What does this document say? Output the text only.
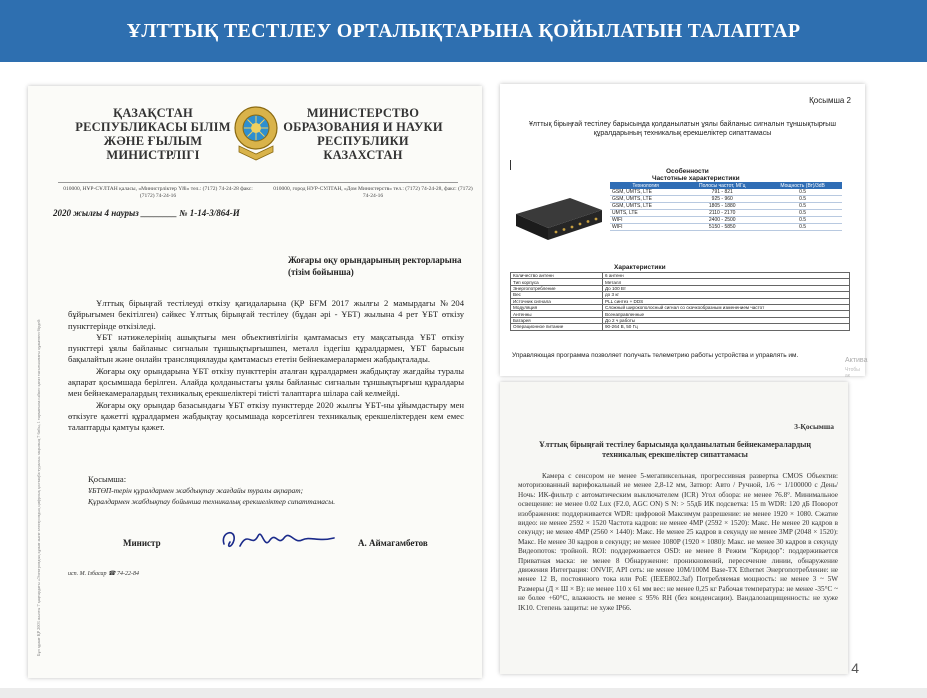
ҰЛТТЫҚ ТЕСТІЛЕУ ОРТАЛЫҚТАРЫНА ҚОЙЫЛАТЫН ТАЛАПТАР
Бұл құжат ҚР 2003 жылғы 7 қаңтардағы «Электрондық құжат және электрондық цифрлық қолтаңба туралы» заңының 7 бабы, 1 тармағына сәйкес қағаз тасығыштағы құжатпен бірдей
ҚАЗАҚСТАН РЕСПУБЛИКАСЫ БІЛІМ ЖӘНЕ ҒЫЛЫМ МИНИСТРЛІГІ
МИНИСТЕРСТВО ОБРАЗОВАНИЯ И НАУКИ РЕСПУБЛИКИ КАЗАХСТАН
010000, НҰР-СҰЛТАН қаласы, «Министрліктер Үйі» тел.: (7172) 74-24-28 факс: (7172) 74-24-16
010000, город НУР-СУЛТАН, «Дом Министерств» тел.: (7172) 74-24-28, факс: (7172) 74-24-16
2020 жылғы 4 наурыз ________ № 1-14-3/864-И
Жоғары оқу орындарының ректорларына (тізім бойынша)

Ұлттық бірыңғай тестілеуді өткізу қағидаларына (ҚР БҒМ 2017 жылғы 2 мамырдағы №204 бұйрығымен бекітілген) сәйкес Ұлттық бірыңғай тестілеу (бұдан әрі - ҰБТ) жылына 4 рет ҰБТ өткізу пункттерінде өткізіледі.

ҰБТ нәтижелерінің ашықтығы мен объективтілігін қамтамасыз ету мақсатында ҰБТ өткізу пункттері ұялы байланыс сигналын тұншықтырғышпен, металл іздегіш құралдармен, ҰБТ барысын бақылайтын және онлайн трансляциялауды қамтамасыз ететін бейнекамералармен жабдықталады.

Жоғары оқу орындарына ҰБТ өткізу пункттерін аталған құралдармен жабдықтау жағдайы туралы ақпарат қосымшада берілген. Алайда қолданыстағы ұялы байланыс сигналын тұншықтырғыш құралдары мен бейнекамералардың техникалық ерекшеліктері тиісті талаптарға шілара сай келмейді.

Жоғары оқу орындар базасындағы ҰБТ өткізу пункттерде 2020 жылғы ҰБТ-ны ұйымдастыру мен өткізуге қажетті құралдармен жабдықтау қосымшада көрсетілген техникалық ерекшеліктерден кем емес талаптарды қамтуы қажет.

Қосымша:
ҰБТӨП-терін құралдармен жабдықтау жағдайы туралы ақпарат;
Құралдармен жабдықтау бойынша техникалық ерекшеліктер сипаттамасы.
Министр	А. Аймагамбетов
исп. М. Ізбасар ☎ 74-22-84
Қосымша 2
Ұлттық бірыңғай тестілеу барысында қолданылатын ұялы байланыс сигналын тұншықтырғыш құралдарының техникалық ерекшеліктер сипаттамасы
Особенности
Частотные характеристики
Технология	Полосы частот, МГц	Мощность (Вт)/3dB
GSM, UMTS, LTE	791 - 821	0.5
GSM, UMTS, LTE	925 - 960	0.5
GSM, UMTS, LTE	1805 - 1880	0.5
UMTS, LTE	2110 - 2170	0.5
WIFI	2400 - 2500	0.5
WIFI	5150 - 5850	0.5
Характеристики
Количество антенн	6 антенн
Тип корпуса	Металл
Энергопотребление	До 100 Вт
Вес	до 3 кг
Источник сигнала	PLL синтез + DDS
Модуляция	Сложный широкополосный сигнал со скачкообразным изменением частот
Антенны	Всенаправленные
Батарея	До 2 ч работы
Операционное питание	90-264 В, 50 Гц
Управляющая программа позволяет получать телеметрию работы устройства и управлять им.
Актива
Чтобы ак
3-Қосымша
Ұлттық бірыңғай тестілеу барысында қолданылатын бейнекамералардың техникалық ерекшеліктер сипаттамасы
Камера с сенсором не менее 5-мегапиксельная, прогрессивная развертка CMOS Объектив: моторизованный варифокальный не менее 2,8-12 мм, Затвор: Авто / Ручной, 1/6 ~ 1/100000 с День/Ночь: ИК-фильтр с автоматическим выключателем (ICR) Угол обзора: не менее 76.8°. Минимальное освещение: не менее 0.02 Lux (F2.0, AGC ON) S N: > 55дБ ИК подсветка: 15 m WDR: 120 дБ Поворот изображения: поддерживается WDR: цифровой Максимум разрешение: не менее 1920 × 1080. Сжатие видео: не менее 2592 × 1520 Частота кадров: не менее 4MP (2592 × 1520): Макс. Не менее 20 кадров в секунду; не менее 4MP (2560 × 1440): Макс. Не менее 25 кадров в секунду не менее 3MP (2048 × 1520): Макс. Не менее 30 кадров в секунду; не менее 1080P (1920 × 1080): Макс. не менее 30 кадров в секунду Видеопоток: тройной. ROI: поддерживается OSD: не менее 8 Режим "Коридор": поддерживается Приватная маска: не менее 8 Обнаружение: проникновений, пересечение линии, обнаружение движения Интеграция: ONVIF, API сеть: не менее 10M/100M Base-TX Ethernet Энергопотребление: не менее 12 В, постоянного тока или PoE (IEEE802.3af) Потребляемая мощность: не менее 3 ~ 5W Размеры (Д × Ш × В): не менее 110 x 61 мм вес: не менее 0,25 кг Рабочая температура: не менее -35°C ~ не более +60°C, влажность не менее ≤ 95% RH (без конденсации). Вандалозащищенность: не хуже IK10. Степень защиты: не хуже IP66.
4
